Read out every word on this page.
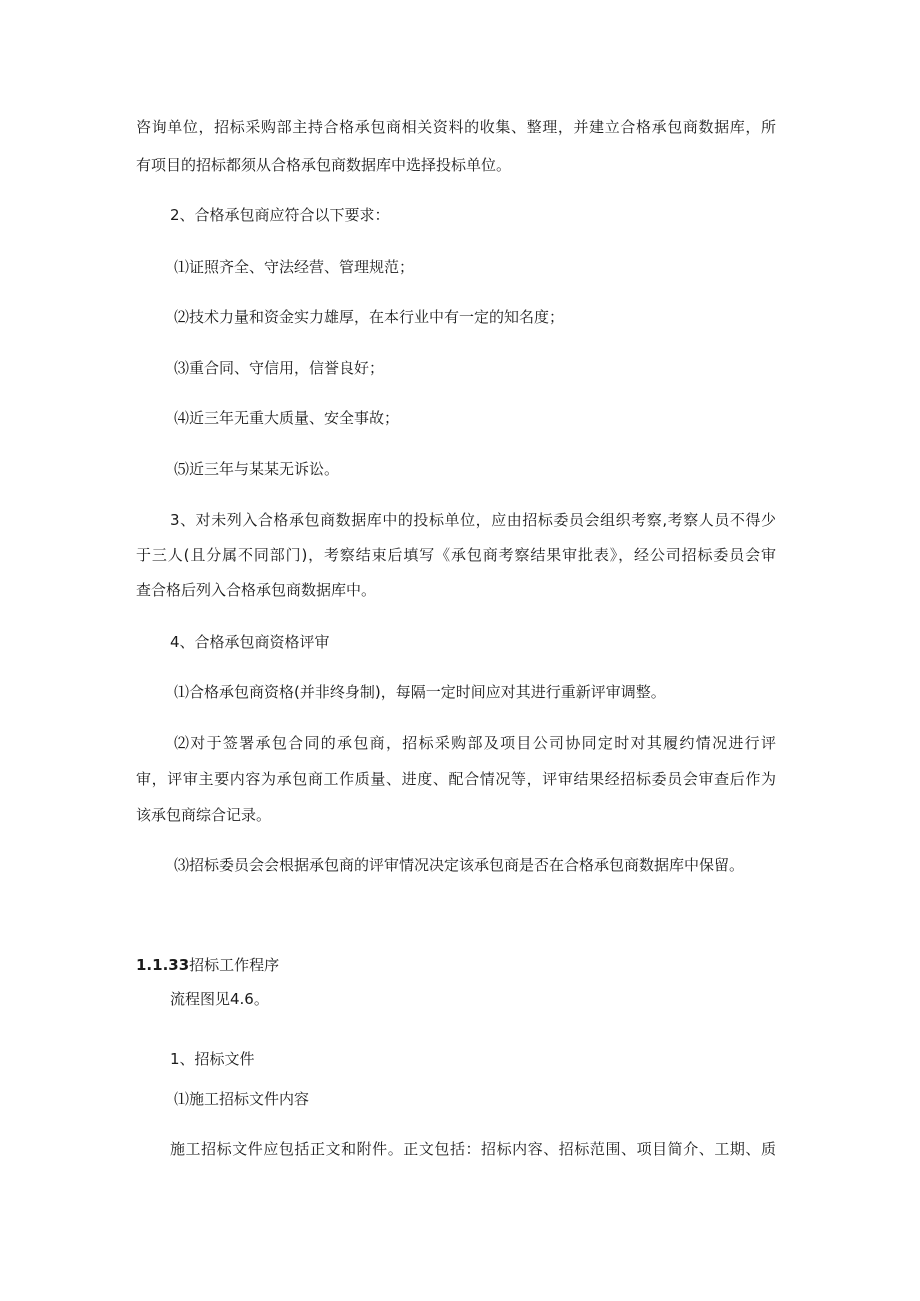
咨询单位，招标采购部主持合格承包商相关资料的收集、整理，并建立合格承包商数据库，所
有项目的招标都须从合格承包商数据库中选择投标单位。
2、合格承包商应符合以下要求：
⑴证照齐全、守法经营、管理规范；
⑵技术力量和资金实力雄厚，在本行业中有一定的知名度；
⑶重合同、守信用，信誉良好；
⑷近三年无重大质量、安全事故；
⑸近三年与某某无诉讼。
3、对未列入合格承包商数据库中的投标单位，应由招标委员会组织考察,考察人员不得少
于三人(且分属不同部门)，考察结束后填写《承包商考察结果审批表》，经公司招标委员会审
查合格后列入合格承包商数据库中。
4、合格承包商资格评审
⑴合格承包商资格(并非终身制)，每隔一定时间应对其进行重新评审调整。
⑵对于签署承包合同的承包商，招标采购部及项目公司协同定时对其履约情况进行评
审，评审主要内容为承包商工作质量、进度、配合情况等，评审结果经招标委员会审查后作为
该承包商综合记录。
⑶招标委员会会根据承包商的评审情况决定该承包商是否在合格承包商数据库中保留。
1.1.33招标工作程序
流程图见4.6。
1、招标文件
⑴施工招标文件内容
施工招标文件应包括正文和附件。正文包括：招标内容、招标范围、项目简介、工期、质
